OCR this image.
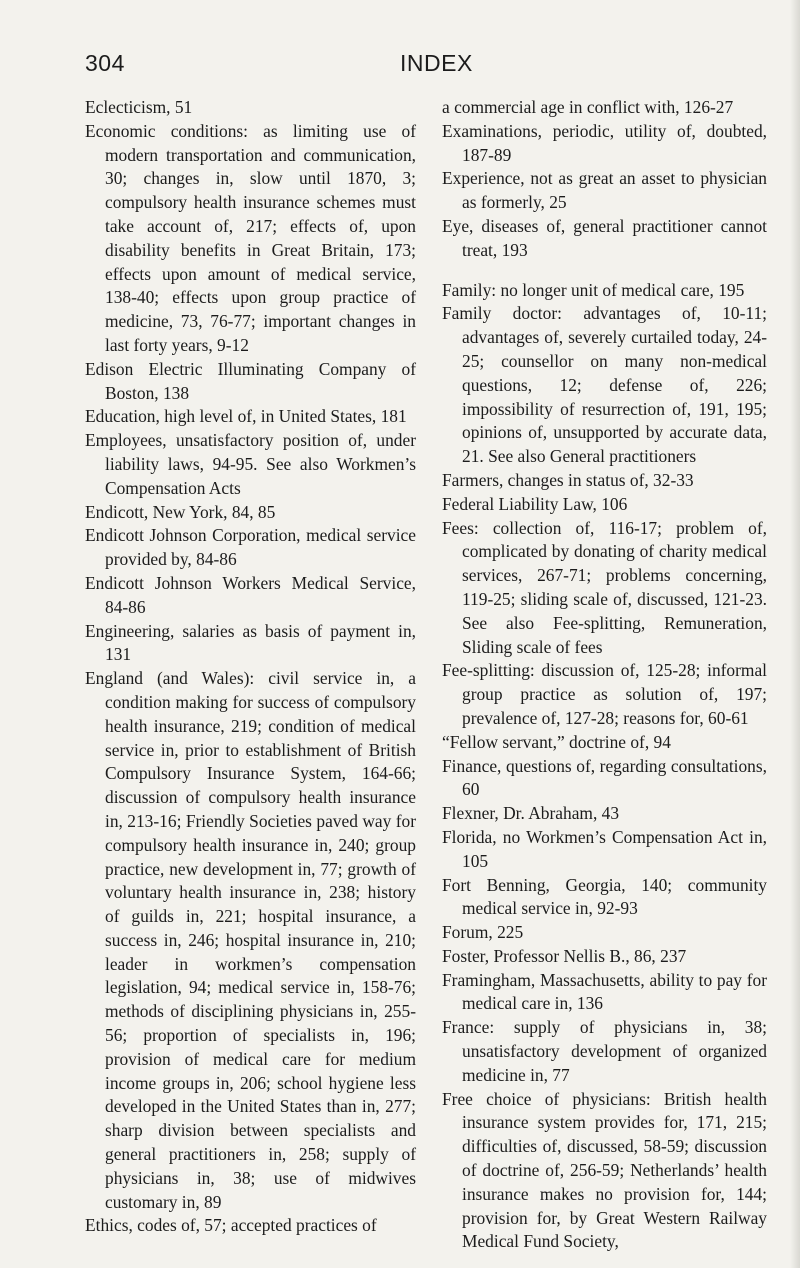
304	INDEX

Eclecticism, 51

Economic conditions: as limiting use of modern transportation and communication, 30; changes in, slow until 1870, 3; compulsory health insurance schemes must take account of, 217; effects of, upon disability benefits in Great Britain, 173; effects upon amount of medical service, 138-40; effects upon group practice of medicine, 73, 76-77; important changes in last forty years, 9-12

Edison Electric Illuminating Company of Boston, 138

Education, high level of, in United States, 181

Employees, unsatisfactory position of, under liability laws, 94-95. See also Workmen’s Compensation Acts

Endicott, New York, 84, 85

Endicott Johnson Corporation, medical service provided by, 84-86

Endicott Johnson Workers Medical Service, 84-86

Engineering, salaries as basis of payment in, 131

England (and Wales): civil service in, a condition making for success of compulsory health insurance, 219; condition of medical service in, prior to establishment of British Compulsory Insurance System, 164-66; discussion of compulsory health insurance in, 213-16; Friendly Societies paved way for compulsory health insurance in, 240; group practice, new development in, 77; growth of voluntary health insurance in, 238; history of guilds in, 221; hospital insurance, a success in, 246; hospital insurance in, 210; leader in workmen’s compensation legislation, 94; medical service in, 158-76; methods of disciplining physicians in, 255-56; proportion of specialists in, 196; provision of medical care for medium income groups in, 206; school hygiene less developed in the United States than in, 277; sharp division between specialists and general practitioners in, 258; supply of physicians in, 38; use of midwives customary in, 89

Ethics, codes of, 57; accepted practices of

a commercial age in conflict with, 126-27

Examinations, periodic, utility of, doubted, 187-89

Experience, not as great an asset to physician as formerly, 25

Eye, diseases of, general practitioner cannot treat, 193

Family: no longer unit of medical care, 195

Family doctor: advantages of, 10-11; advantages of, severely curtailed today, 24-25; counsellor on many non-medical questions, 12; defense of, 226; impossibility of resurrection of, 191, 195; opinions of, unsupported by accurate data, 21. See also General practitioners

Farmers, changes in status of, 32-33

Federal Liability Law, 106

Fees: collection of, 116-17; problem of, complicated by donating of charity medical services, 267-71; problems concerning, 119-25; sliding scale of, discussed, 121-23. See also Fee-splitting, Remuneration, Sliding scale of fees

Fee-splitting: discussion of, 125-28; informal group practice as solution of, 197; prevalence of, 127-28; reasons for, 60-61

“Fellow servant,” doctrine of, 94

Finance, questions of, regarding consultations, 60

Flexner, Dr. Abraham, 43

Florida, no Workmen’s Compensation Act in, 105

Fort Benning, Georgia, 140; community medical service in, 92-93

Forum, 225

Foster, Professor Nellis B., 86, 237

Framingham, Massachusetts, ability to pay for medical care in, 136

France: supply of physicians in, 38; unsatisfactory development of organized medicine in, 77

Free choice of physicians: British health insurance system provides for, 171, 215; difficulties of, discussed, 58-59; discussion of doctrine of, 256-59; Netherlands’ health insurance makes no provision for, 144; provision for, by Great Western Railway Medical Fund Society,
